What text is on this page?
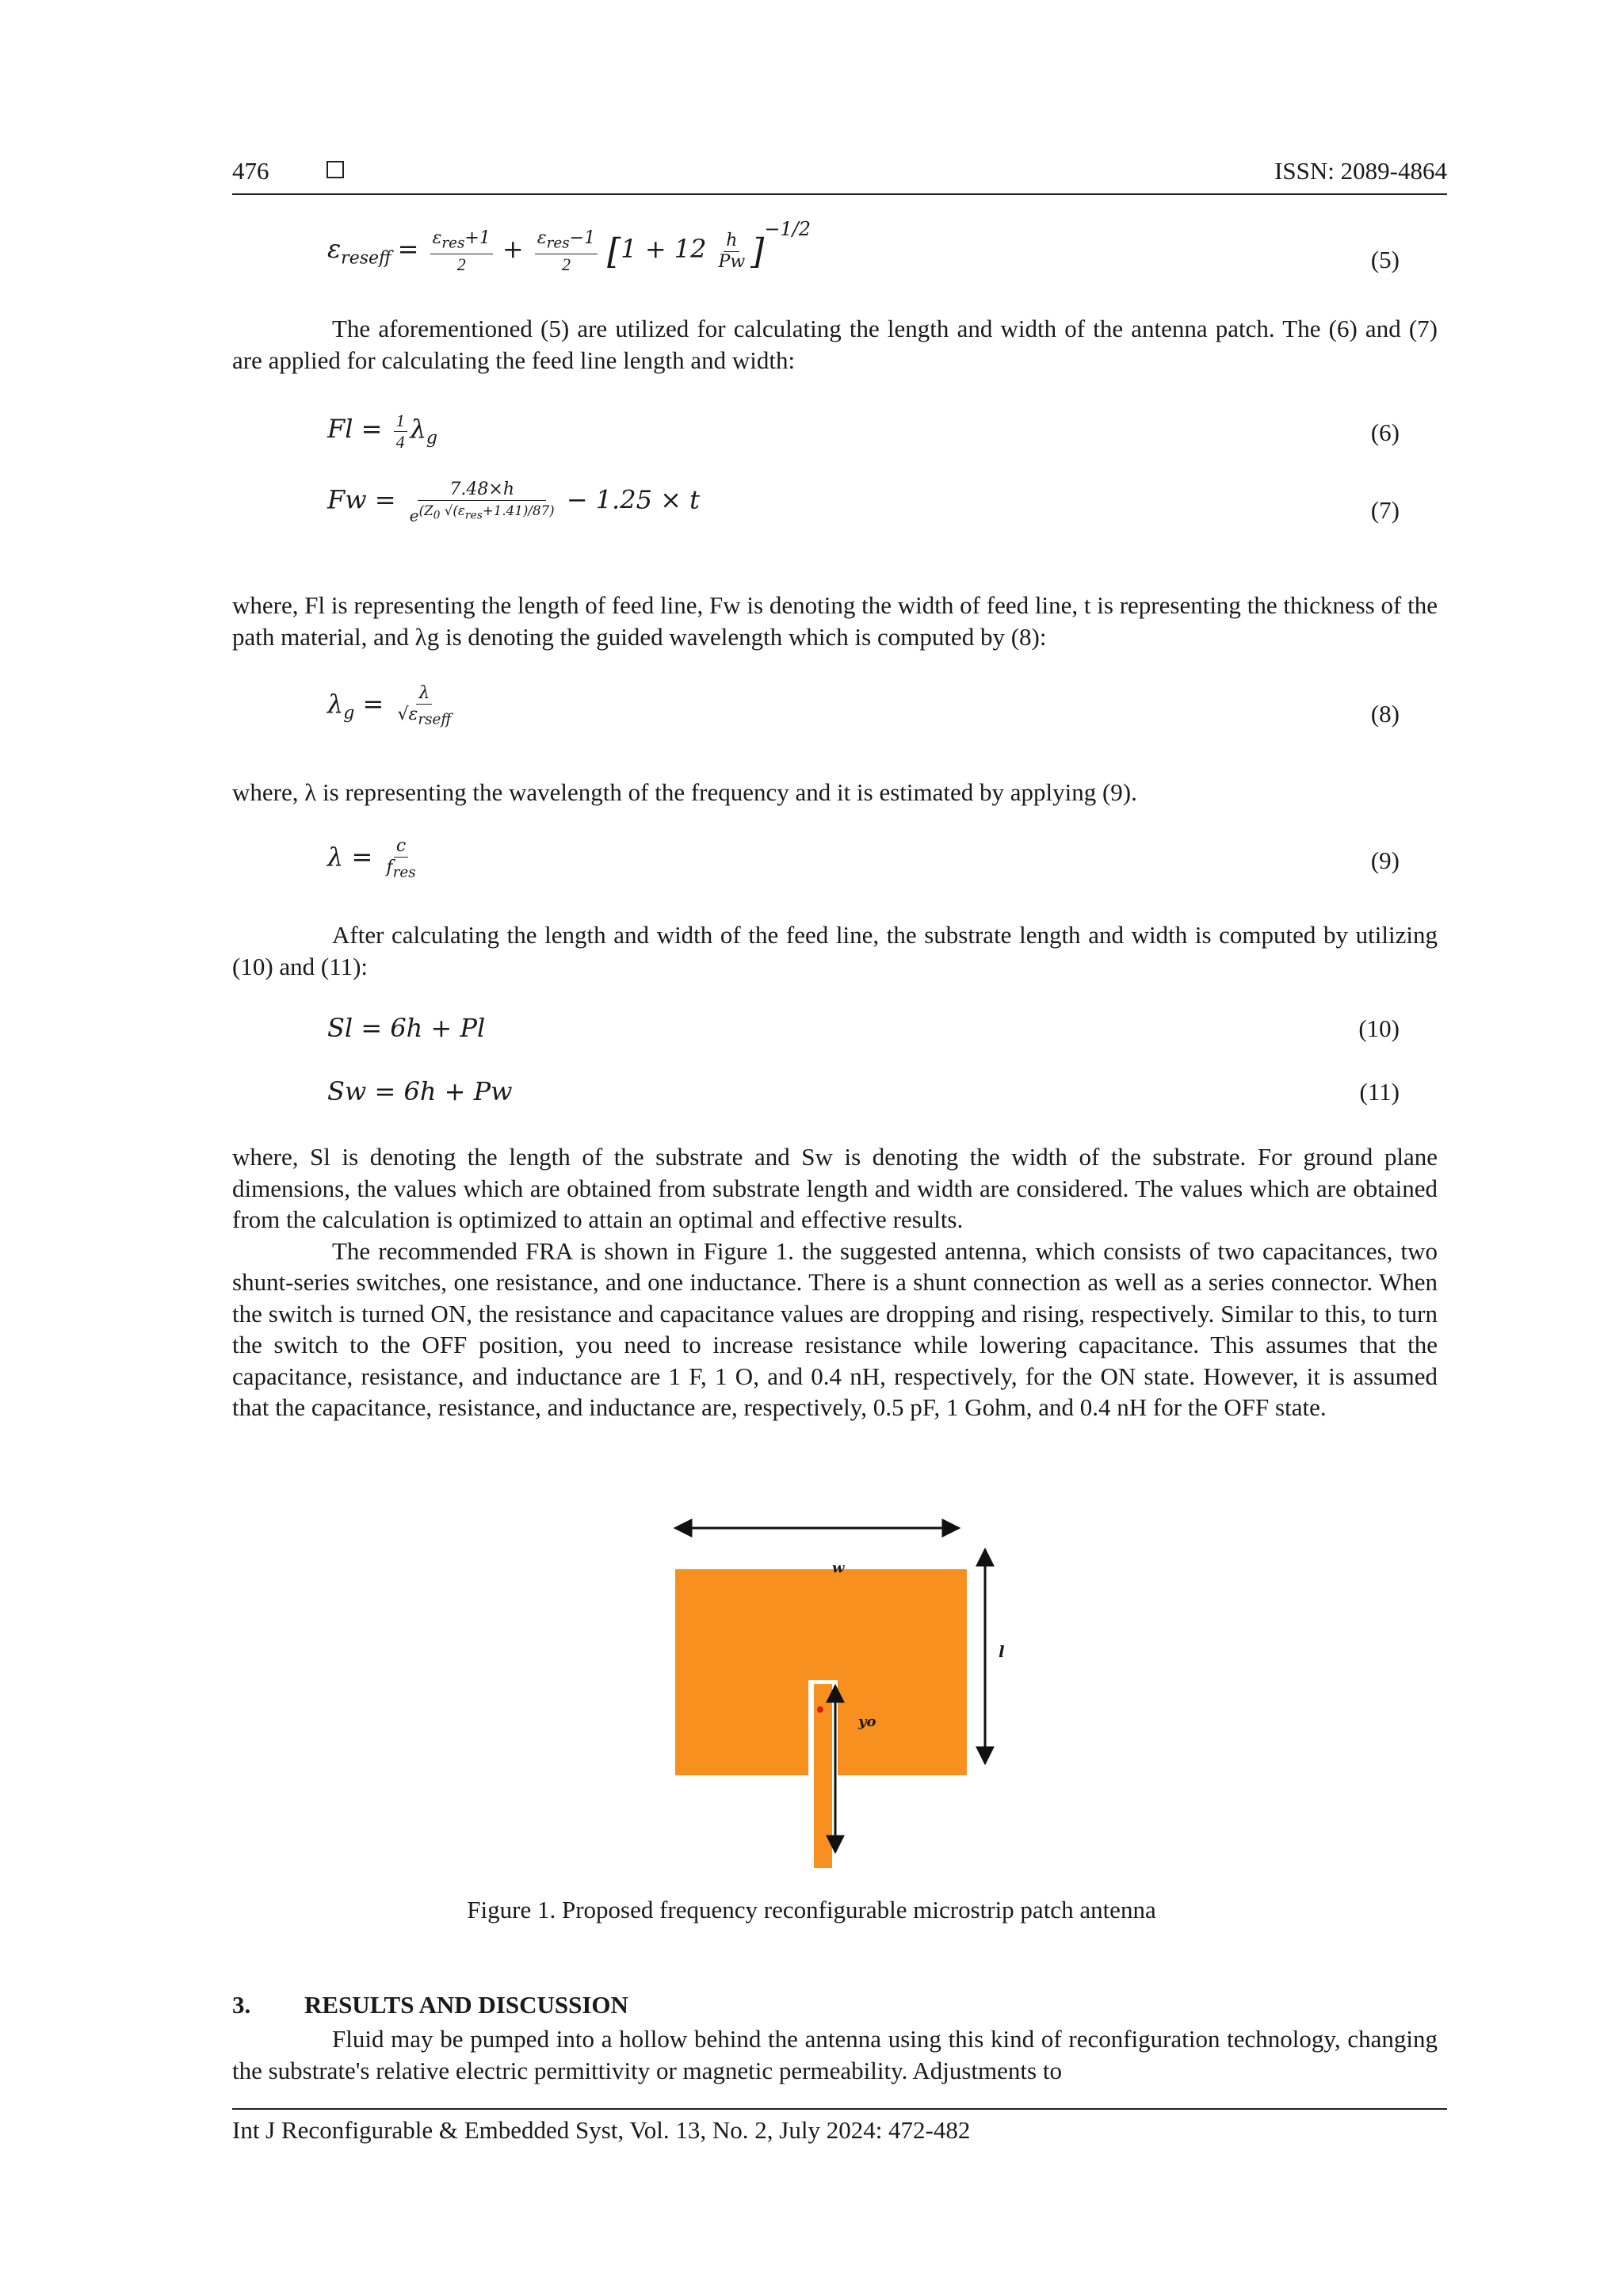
476	ISSN: 2089-4864
$\varepsilon_{reseff} = \frac{\varepsilon_{res}+1}{2} + \frac{\varepsilon_{res}-1}{2} [1 + 12 \frac{h}{Pw} ]^{-1/2}$
(5)

The aforementioned (5) are utilized for calculating the length and width of the antenna patch. The (6) and (7) are applied for calculating the feed line length and width:

$Fl = \frac{1}{4} \lambda_g$	(6)
$Fw = \frac{7.48\times h}{e^{(Z_0 √(\varepsilon_{res}+1.41)/87)}} - 1.25 \times t$	(7)

where, Fl is representing the length of feed line, Fw is denoting the width of feed line, t is representing the thickness of the path material, and λg is denoting the guided wavelength which is computed by (8):

$\lambda_g = \frac{\lambda}{√\varepsilon_{rseff}}$	(8)

where, λ is representing the wavelength of the frequency and it is estimated by applying (9).

$\lambda = \frac{c}{f_{res}}$	(9)

After calculating the length and width of the feed line, the substrate length and width is computed by utilizing (10) and (11):

Sl = 6h + Pl	(10)
Sw = 6h + Pw	(11)

where, Sl is denoting the length of the substrate and Sw is denoting the width of the substrate. For ground plane dimensions, the values which are obtained from substrate length and width are considered. The values which are obtained from the calculation is optimized to attain an optimal and effective results.

The recommended FRA is shown in Figure 1. the suggested antenna, which consists of two capacitances, two shunt-series switches, one resistance, and one inductance. There is a shunt connection as well as a series connector. When the switch is turned ON, the resistance and capacitance values are dropping and rising, respectively. Similar to this, to turn the switch to the OFF position, you need to increase resistance while lowering capacitance. This assumes that the capacitance, resistance, and inductance are 1 F, 1 O, and 0.4 nH, respectively, for the ON state. However, it is assumed that the capacitance, resistance, and inductance are, respectively, 0.5 pF, 1 Gohm, and 0.4 nH for the OFF state.

w
l
yo
Figure 1. Proposed frequency reconfigurable microstrip patch antenna
3. RESULTS AND DISCUSSION

Fluid may be pumped into a hollow behind the antenna using this kind of reconfiguration technology, changing the substrate's relative electric permittivity or magnetic permeability. Adjustments to

Int J Reconfigurable & Embedded Syst, Vol. 13, No. 2, July 2024: 472-482
